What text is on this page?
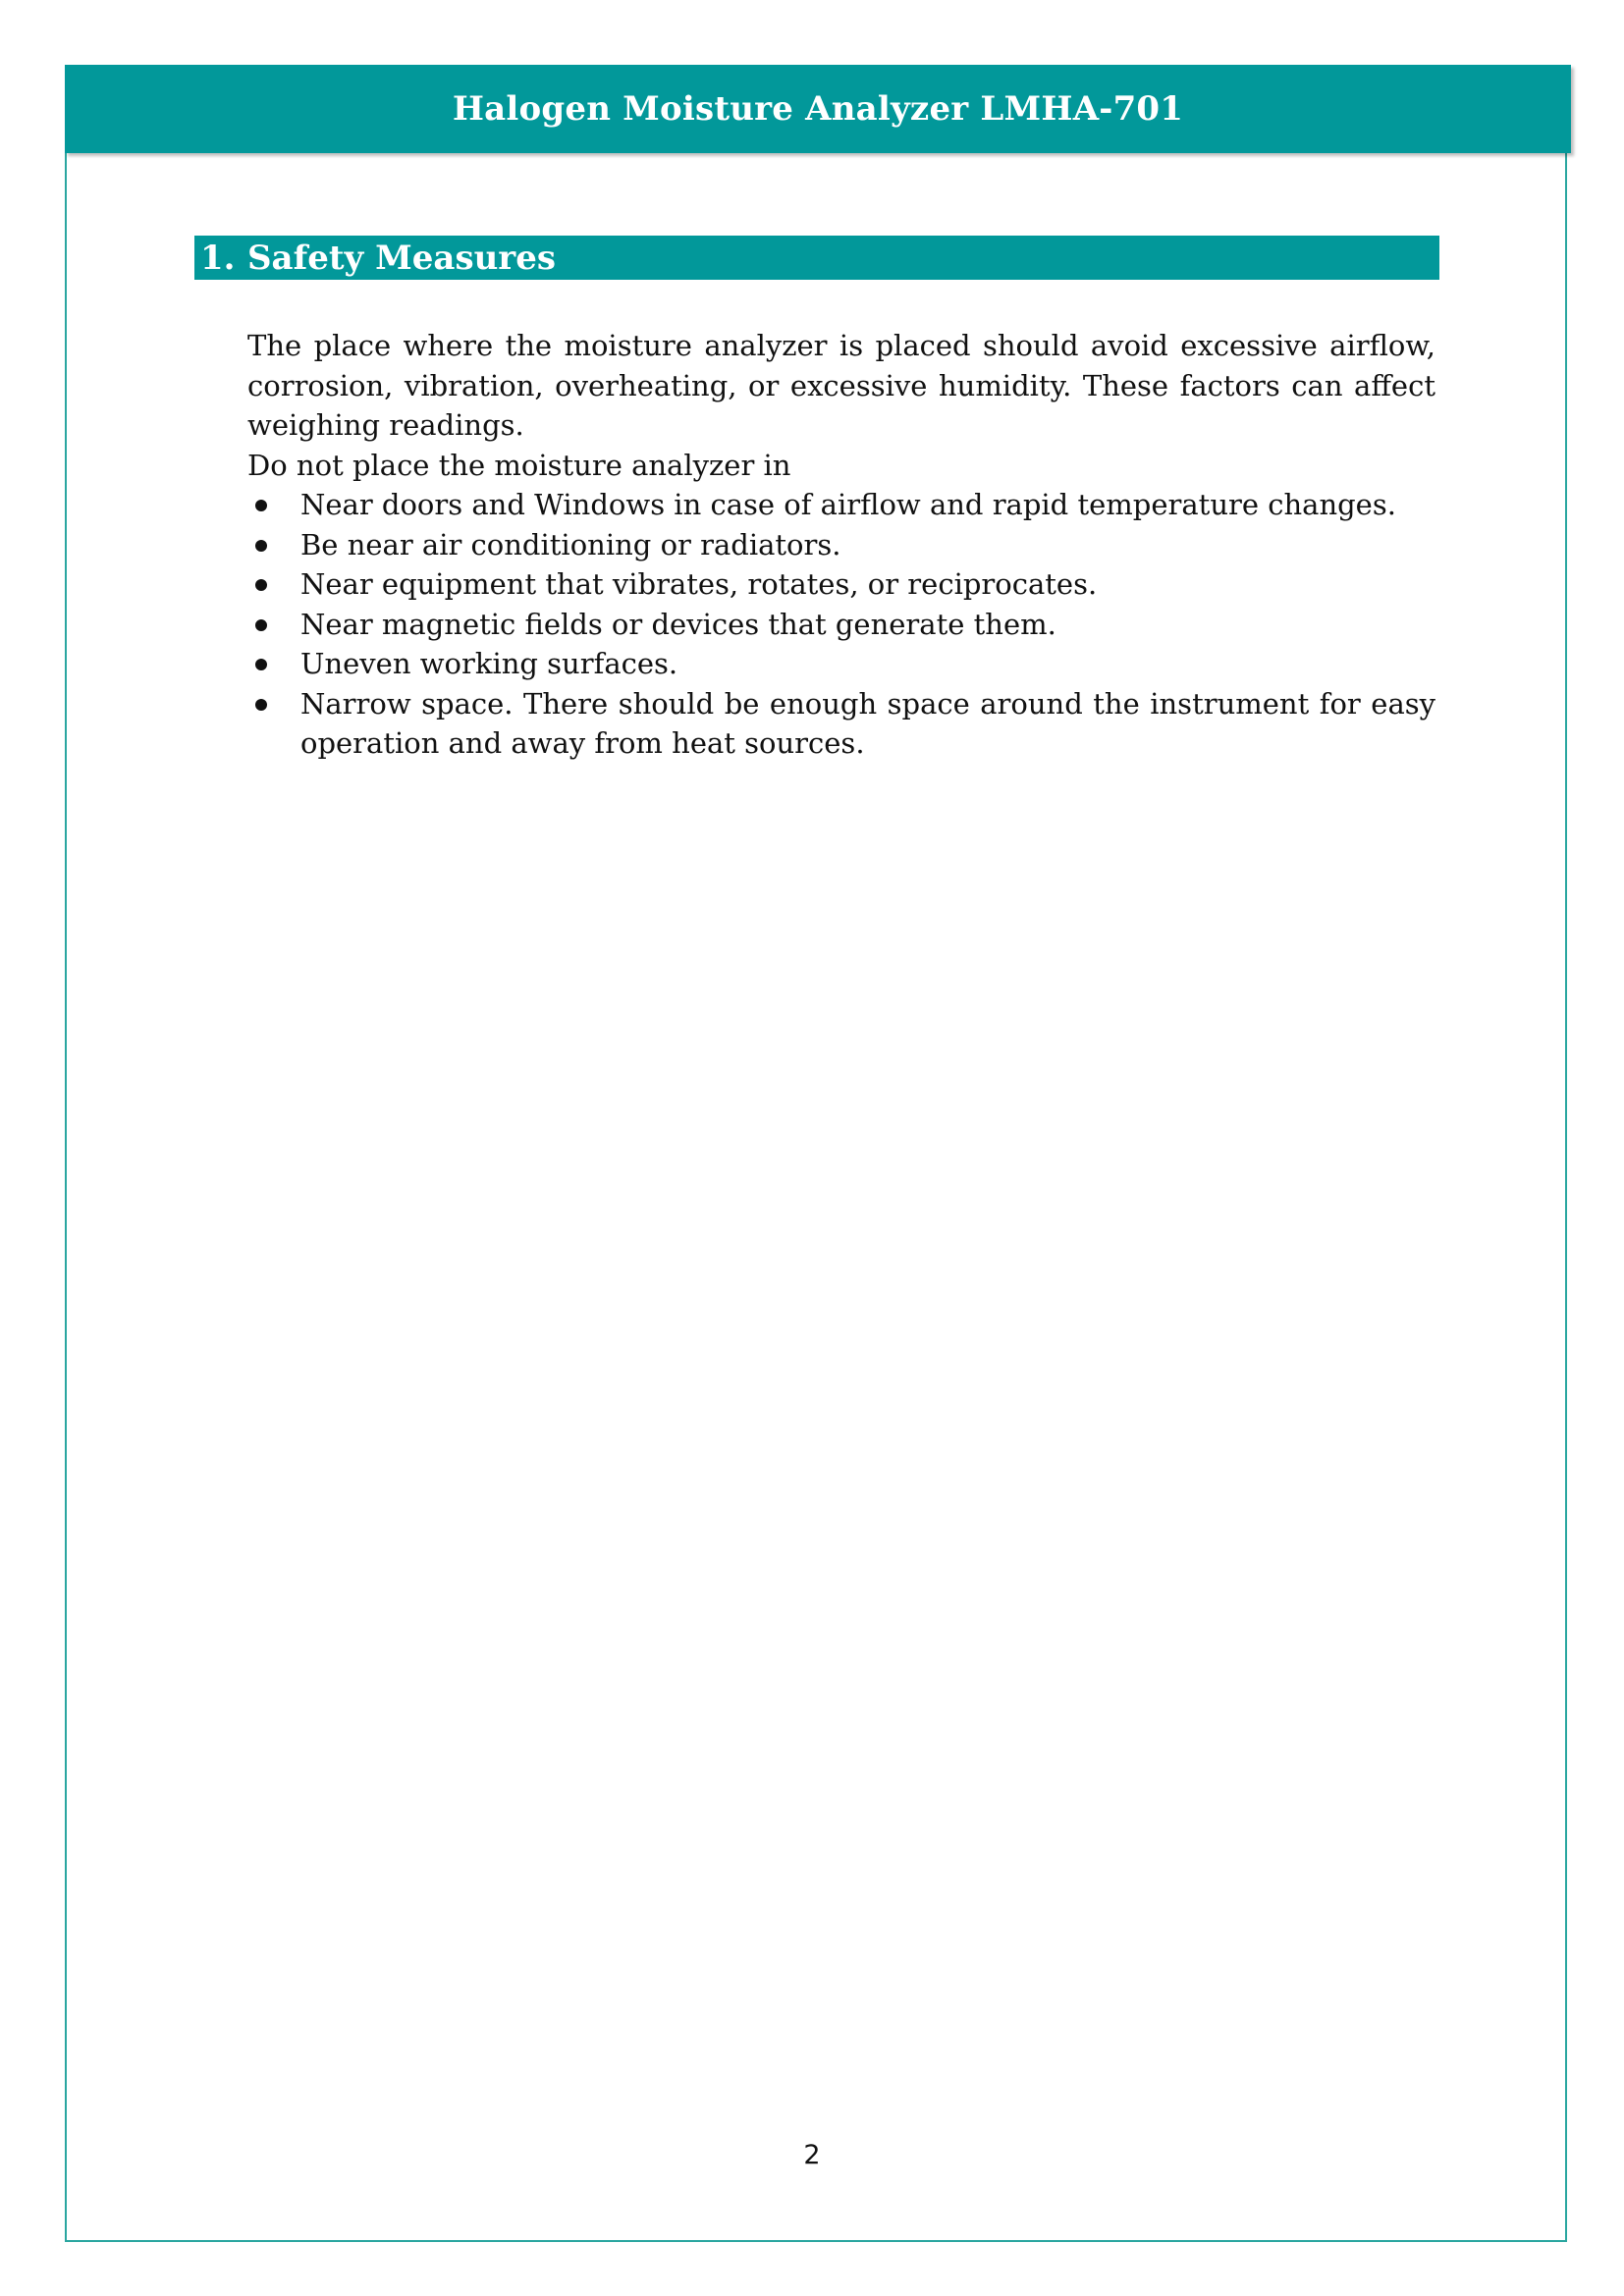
Halogen Moisture Analyzer LMHA-701
1. Safety Measures

The place where the moisture analyzer is placed should avoid excessive airflow, corrosion, vibration, overheating, or excessive humidity. These factors can affect weighing readings.

Do not place the moisture analyzer in

Near doors and Windows in case of airflow and rapid temperature changes.
Be near air conditioning or radiators.
Near equipment that vibrates, rotates, or reciprocates.
Near magnetic fields or devices that generate them.
Uneven working surfaces.
Narrow space. There should be enough space around the instrument for easy operation and away from heat sources.
2
